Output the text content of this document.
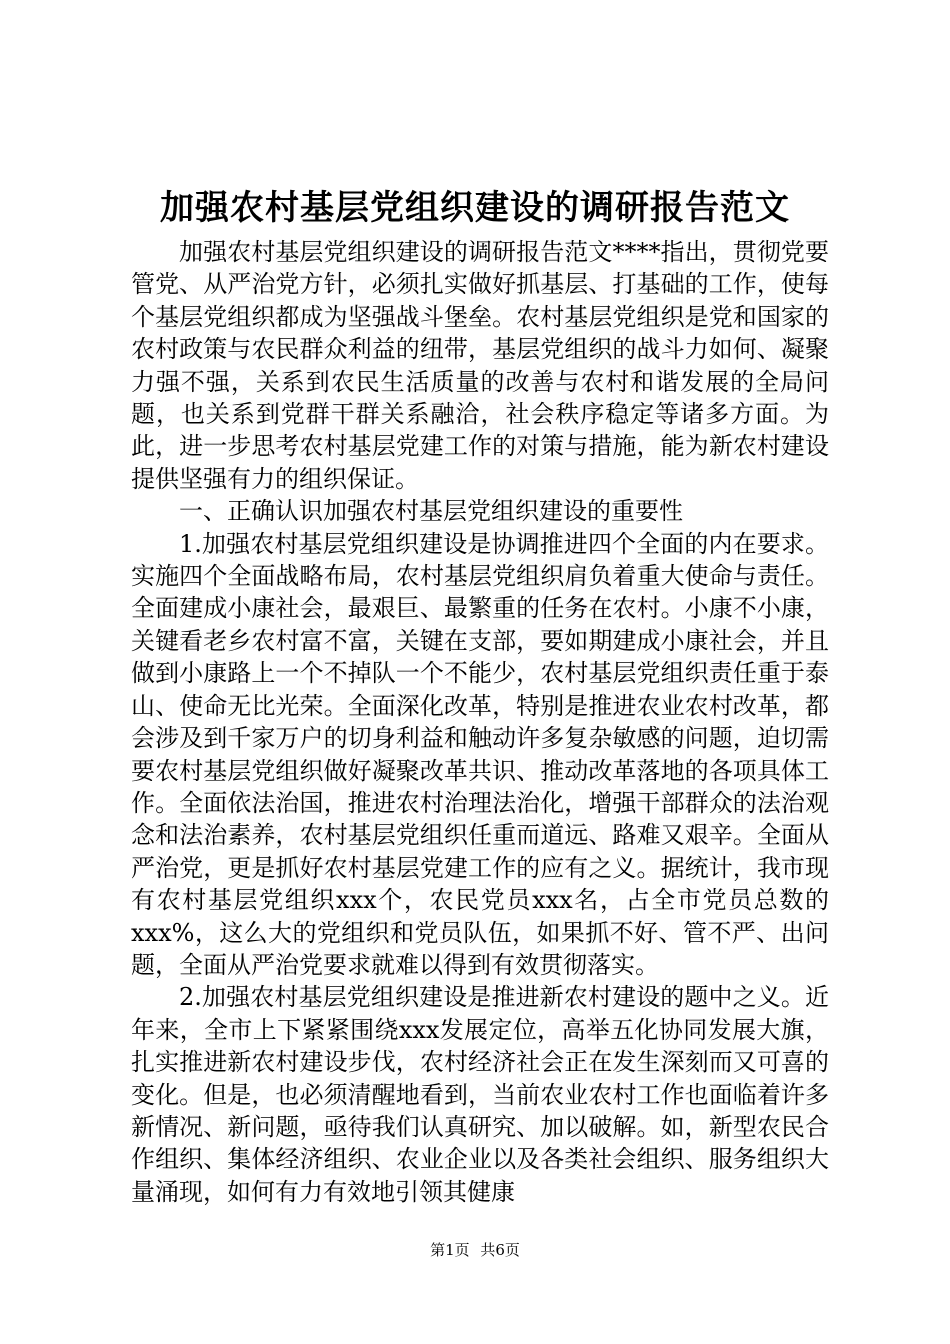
加强农村基层党组织建设的调研报告范文

加强农村基层党组织建设的调研报告范文****指出，贯彻党要管党、从严治党方针，必须扎实做好抓基层、打基础的工作，使每个基层党组织都成为坚强战斗堡垒。农村基层党组织是党和国家的农村政策与农民群众利益的纽带，基层党组织的战斗力如何、凝聚力强不强，关系到农民生活质量的改善与农村和谐发展的全局问题，也关系到党群干群关系融洽，社会秩序稳定等诸多方面。为此，进一步思考农村基层党建工作的对策与措施，能为新农村建设提供坚强有力的组织保证。

一、正确认识加强农村基层党组织建设的重要性

1.加强农村基层党组织建设是协调推进四个全面的内在要求。实施四个全面战略布局，农村基层党组织肩负着重大使命与责任。全面建成小康社会，最艰巨、最繁重的任务在农村。小康不小康，关键看老乡农村富不富，关键在支部，要如期建成小康社会，并且做到小康路上一个不掉队一个不能少，农村基层党组织责任重于泰山、使命无比光荣。全面深化改革，特别是推进农业农村改革，都会涉及到千家万户的切身利益和触动许多复杂敏感的问题，迫切需要农村基层党组织做好凝聚改革共识、推动改革落地的各项具体工作。全面依法治国，推进农村治理法治化，增强干部群众的法治观念和法治素养，农村基层党组织任重而道远、路难又艰辛。全面从严治党，更是抓好农村基层党建工作的应有之义。据统计，我市现有农村基层党组织xxx个，农民党员xxx名，占全市党员总数的xxx%，这么大的党组织和党员队伍，如果抓不好、管不严、出问题，全面从严治党要求就难以得到有效贯彻落实。

2.加强农村基层党组织建设是推进新农村建设的题中之义。近年来，全市上下紧紧围绕xxx发展定位，高举五化协同发展大旗，扎实推进新农村建设步伐，农村经济社会正在发生深刻而又可喜的变化。但是，也必须清醒地看到，当前农业农村工作也面临着许多新情况、新问题，亟待我们认真研究、加以破解。如，新型农民合作组织、集体经济组织、农业企业以及各类社会组织、服务组织大量涌现，如何有力有效地引领其健康

第1页 共6页
